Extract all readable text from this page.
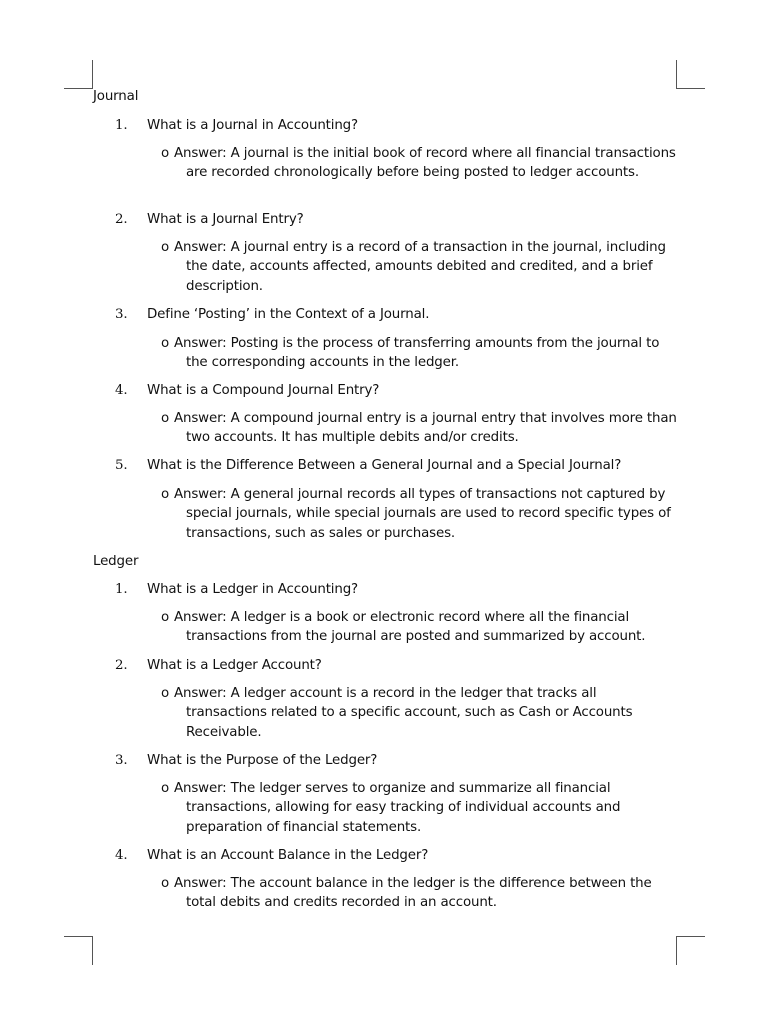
Journal
1.	What is a Journal in Accounting?
o Answer: A journal is the initial book of record where all financial transactions are recorded chronologically before being posted to ledger accounts.
2.	What is a Journal Entry?
o Answer: A journal entry is a record of a transaction in the journal, including the date, accounts affected, amounts debited and credited, and a brief description.
3.	Define ‘Posting’ in the Context of a Journal.
o Answer: Posting is the process of transferring amounts from the journal to the corresponding accounts in the ledger.
4.	What is a Compound Journal Entry?
o Answer: A compound journal entry is a journal entry that involves more than two accounts. It has multiple debits and/or credits.
5.	What is the Difference Between a General Journal and a Special Journal?
o Answer: A general journal records all types of transactions not captured by special journals, while special journals are used to record specific types of transactions, such as sales or purchases.
Ledger
1.	What is a Ledger in Accounting?
o Answer: A ledger is a book or electronic record where all the financial transactions from the journal are posted and summarized by account.
2.	What is a Ledger Account?
o Answer: A ledger account is a record in the ledger that tracks all transactions related to a specific account, such as Cash or Accounts Receivable.
3.	What is the Purpose of the Ledger?
o Answer: The ledger serves to organize and summarize all financial transactions, allowing for easy tracking of individual accounts and preparation of financial statements.
4.	What is an Account Balance in the Ledger?
o Answer: The account balance in the ledger is the difference between the total debits and credits recorded in an account.
